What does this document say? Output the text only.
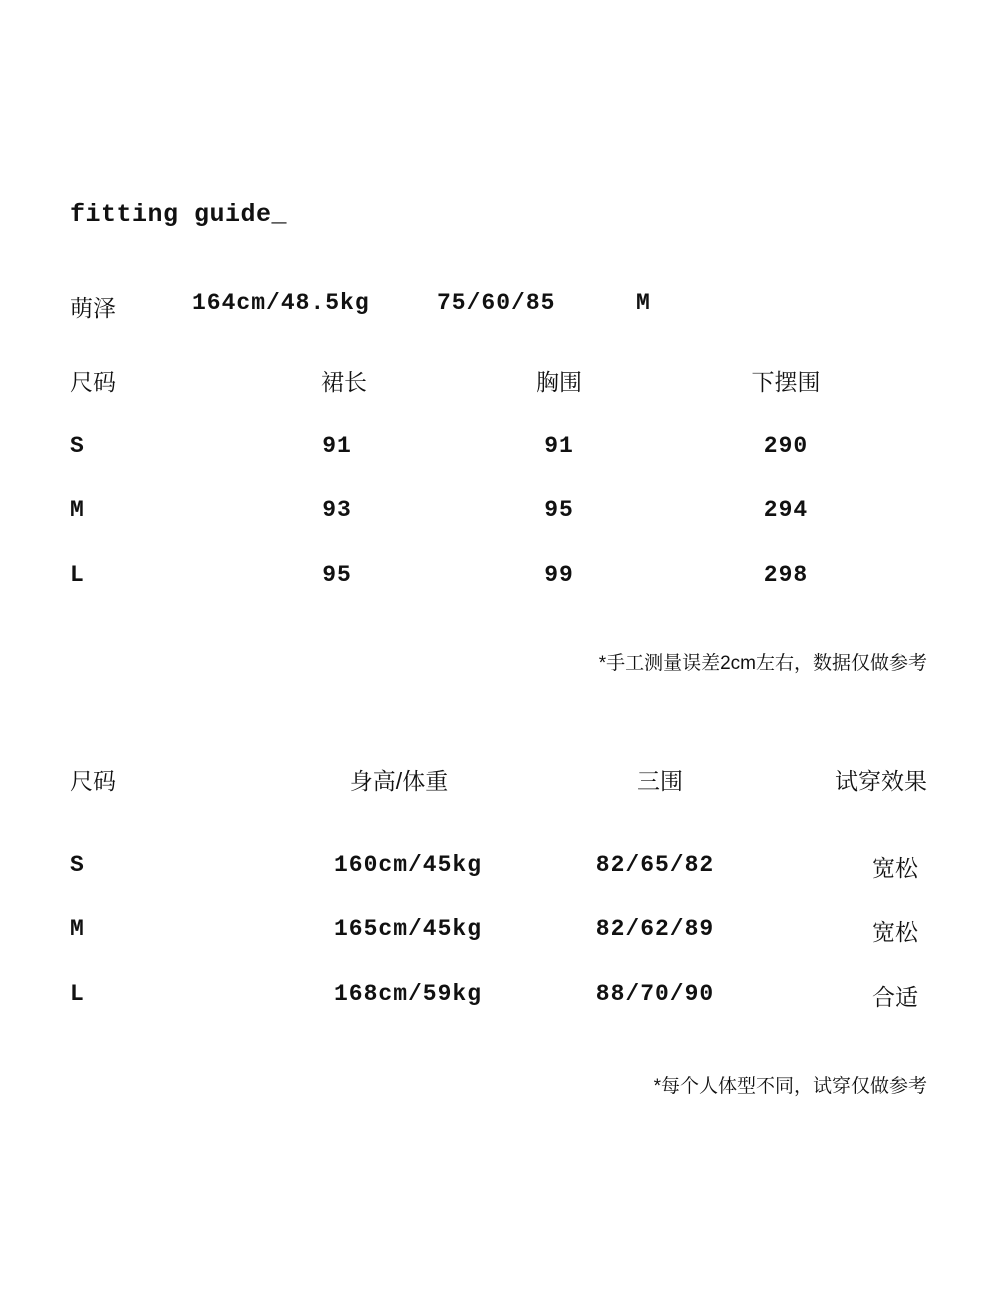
fitting guide_
萌泽	164cm/48.5kg	75/60/85	M
尺码	裙长	胸围	下摆围
S	91	91	290
M	93	95	294
L	95	99	298
*手工测量误差2cm左右，数据仅做参考
尺码	身高/体重	三围	试穿效果
S	160cm/45kg	82/65/82	宽松
M	165cm/45kg	82/62/89	宽松
L	168cm/59kg	88/70/90	合适
*每个人体型不同，试穿仅做参考
